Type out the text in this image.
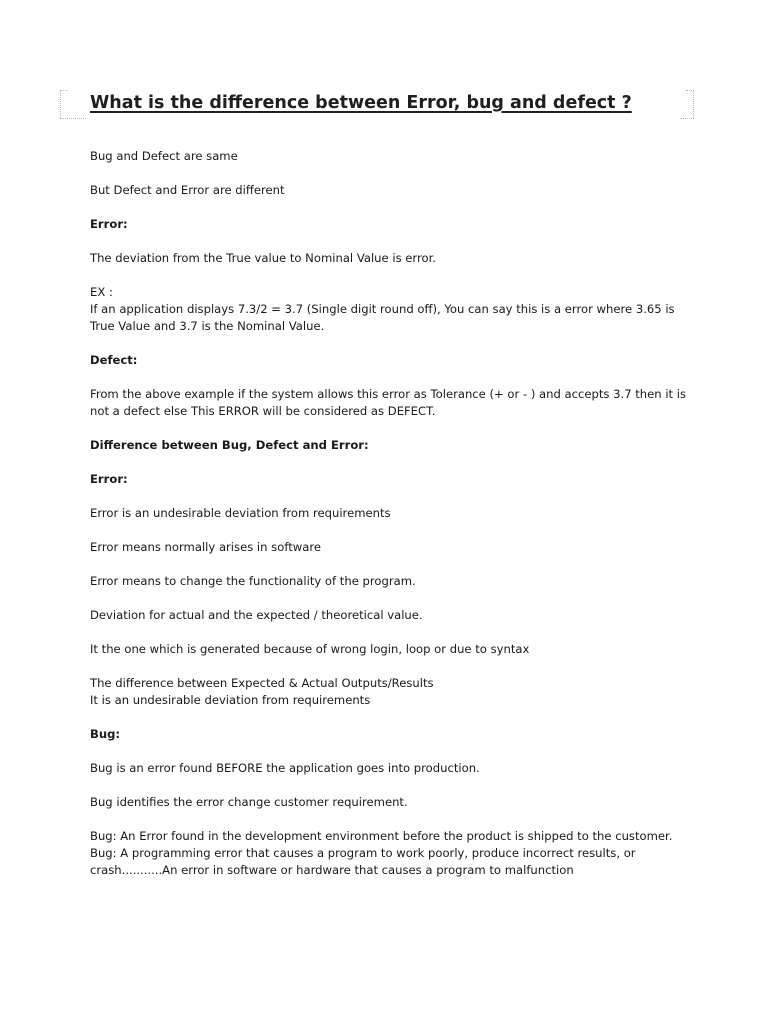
What is the difference between Error, bug and defect ?
Bug and Defect are same
But Defect and Error are different
Error:
The deviation from the True value to Nominal Value is error.
EX :
If an application displays 7.3/2 = 3.7 (Single digit round off), You can say this is a error where 3.65 is
True Value and 3.7 is the Nominal Value.
Defect:
From the above example if the system allows this error as Tolerance (+ or - ) and accepts 3.7 then it is
not a defect else This ERROR will be considered as DEFECT.
Difference between Bug, Defect and Error:
Error:
Error is an undesirable deviation from requirements
Error means normally arises in software
Error means to change the functionality of the program.
Deviation for actual and the expected / theoretical value.
It the one which is generated because of wrong login, loop or due to syntax
The difference between Expected & Actual Outputs/Results
It is an undesirable deviation from requirements
Bug:
Bug is an error found BEFORE the application goes into production.
Bug identifies the error change customer requirement.
Bug: An Error found in the development environment before the product is shipped to the customer.
Bug: A programming error that causes a program to work poorly, produce incorrect results, or
crash...........An error in software or hardware that causes a program to malfunction
